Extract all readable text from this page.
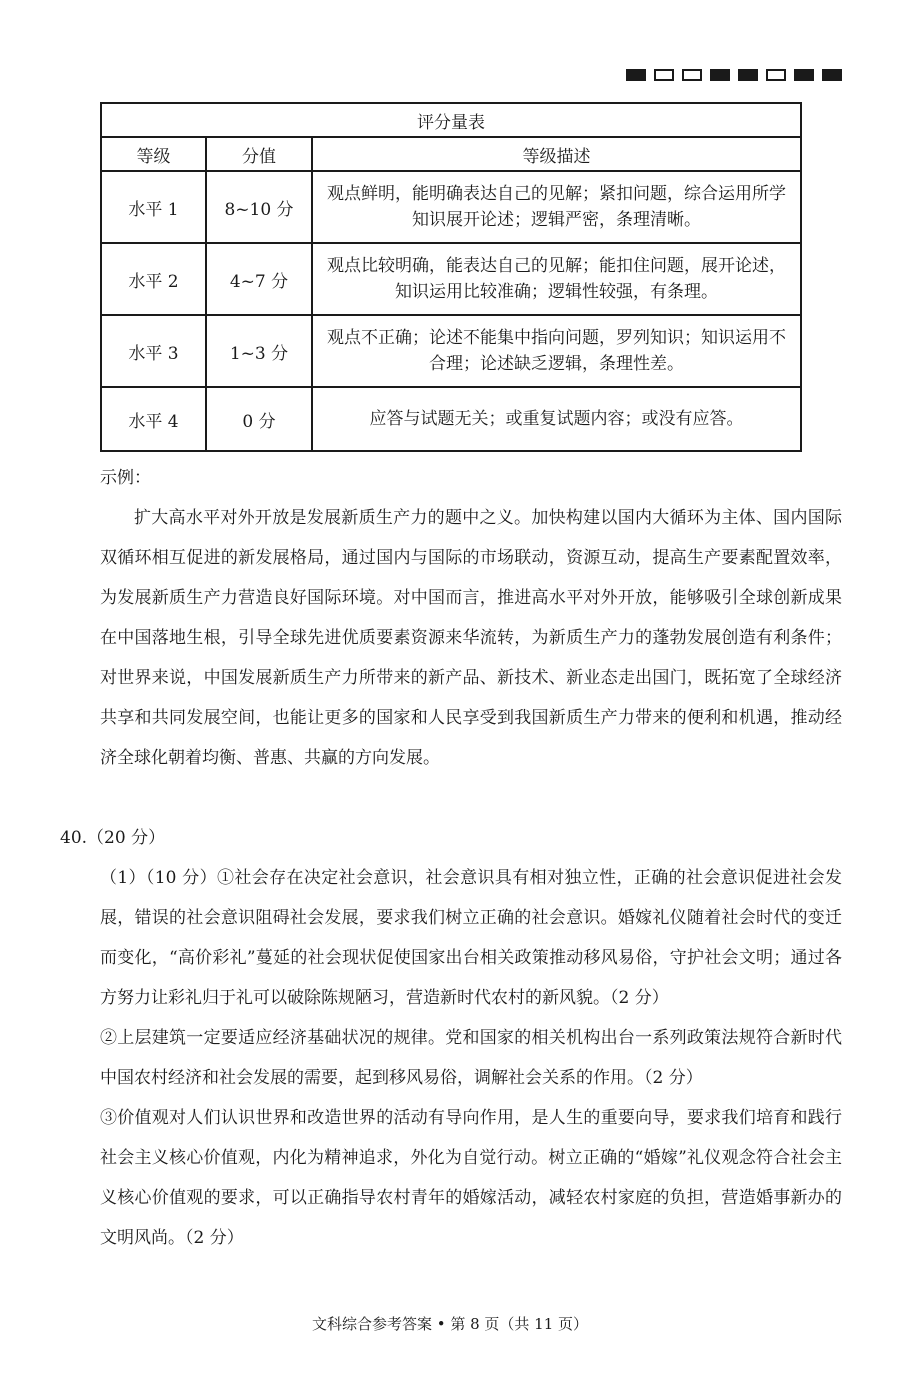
评分量表		
等级	分值	等级描述
水平 1	8~10 分	观点鲜明，能明确表达自己的见解；紧扣问题，综合运用所学知识展开论述；逻辑严密，条理清晰。
水平 2	4~7 分	观点比较明确，能表达自己的见解；能扣住问题，展开论述，知识运用比较准确；逻辑性较强，有条理。
水平 3	1~3 分	观点不正确；论述不能集中指向问题，罗列知识；知识运用不合理；论述缺乏逻辑，条理性差。
水平 4	0 分	应答与试题无关；或重复试题内容；或没有应答。

示例：

扩大高水平对外开放是发展新质生产力的题中之义。加快构建以国内大循环为主体、国内国际双循环相互促进的新发展格局，通过国内与国际的市场联动，资源互动，提高生产要素配置效率，为发展新质生产力营造良好国际环境。对中国而言，推进高水平对外开放，能够吸引全球创新成果在中国落地生根，引导全球先进优质要素资源来华流转，为新质生产力的蓬勃发展创造有利条件；对世界来说，中国发展新质生产力所带来的新产品、新技术、新业态走出国门，既拓宽了全球经济共享和共同发展空间，也能让更多的国家和人民享受到我国新质生产力带来的便利和机遇，推动经济全球化朝着均衡、普惠、共赢的方向发展。

40.（20 分）

（1）（10 分）①社会存在决定社会意识，社会意识具有相对独立性，正确的社会意识促进社会发展，错误的社会意识阻碍社会发展，要求我们树立正确的社会意识。婚嫁礼仪随着社会时代的变迁而变化，“高价彩礼”蔓延的社会现状促使国家出台相关政策推动移风易俗，守护社会文明；通过各方努力让彩礼归于礼可以破除陈规陋习，营造新时代农村的新风貌。（2 分）

②上层建筑一定要适应经济基础状况的规律。党和国家的相关机构出台一系列政策法规符合新时代中国农村经济和社会发展的需要，起到移风易俗，调解社会关系的作用。（2 分）

③价值观对人们认识世界和改造世界的活动有导向作用，是人生的重要向导，要求我们培育和践行社会主义核心价值观，内化为精神追求，外化为自觉行动。树立正确的“婚嫁”礼仪观念符合社会主义核心价值观的要求，可以正确指导农村青年的婚嫁活动，减轻农村家庭的负担，营造婚事新办的文明风尚。（2 分）

文科综合参考答案 • 第 8 页（共 11 页）
